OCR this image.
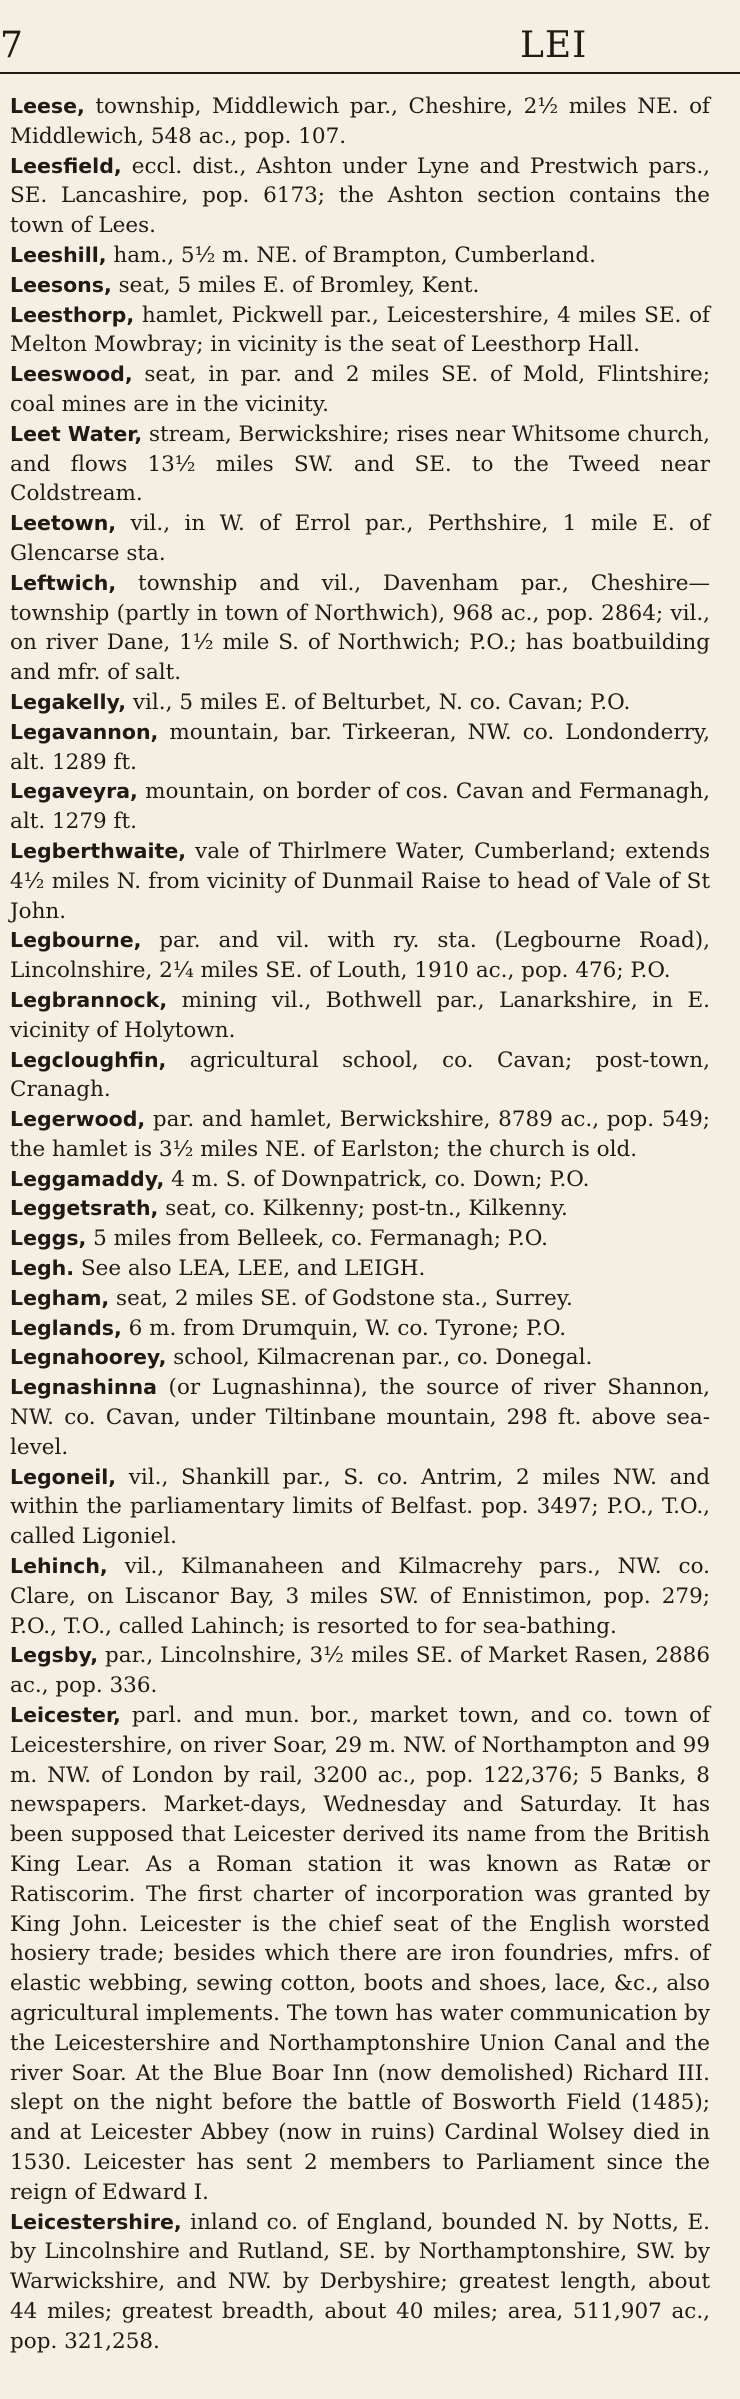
7	LEI

Leese, township, Middlewich par., Cheshire, 2½ miles NE. of Middlewich, 548 ac., pop. 107.

Leesfield, eccl. dist., Ashton under Lyne and Prestwich pars., SE. Lancashire, pop. 6173; the Ashton section contains the town of Lees.

Leeshill, ham., 5½ m. NE. of Brampton, Cumberland.

Leesons, seat, 5 miles E. of Bromley, Kent.

Leesthorp, hamlet, Pickwell par., Leicestershire, 4 miles SE. of Melton Mowbray; in vicinity is the seat of Leesthorp Hall.

Leeswood, seat, in par. and 2 miles SE. of Mold, Flintshire; coal mines are in the vicinity.

Leet Water, stream, Berwickshire; rises near Whitsome church, and flows 13½ miles SW. and SE. to the Tweed near Coldstream.

Leetown, vil., in W. of Errol par., Perthshire, 1 mile E. of Glencarse sta.

Leftwich, township and vil., Davenham par., Cheshire—township (partly in town of Northwich), 968 ac., pop. 2864; vil., on river Dane, 1½ mile S. of Northwich; P.O.; has boatbuilding and mfr. of salt.

Legakelly, vil., 5 miles E. of Belturbet, N. co. Cavan; P.O.

Legavannon, mountain, bar. Tirkeeran, NW. co. Londonderry, alt. 1289 ft.

Legaveyra, mountain, on border of cos. Cavan and Fermanagh, alt. 1279 ft.

Legberthwaite, vale of Thirlmere Water, Cumberland; extends 4½ miles N. from vicinity of Dunmail Raise to head of Vale of St John.

Legbourne, par. and vil. with ry. sta. (Legbourne Road), Lincolnshire, 2¼ miles SE. of Louth, 1910 ac., pop. 476; P.O.

Legbrannock, mining vil., Bothwell par., Lanarkshire, in E. vicinity of Holytown.

Legcloughfin, agricultural school, co. Cavan; post-town, Cranagh.

Legerwood, par. and hamlet, Berwickshire, 8789 ac., pop. 549; the hamlet is 3½ miles NE. of Earlston; the church is old.

Leggamaddy, 4 m. S. of Downpatrick, co. Down; P.O.

Leggetsrath, seat, co. Kilkenny; post-tn., Kilkenny.

Leggs, 5 miles from Belleek, co. Fermanagh; P.O.

Legh. See also LEA, LEE, and LEIGH.

Legham, seat, 2 miles SE. of Godstone sta., Surrey.

Leglands, 6 m. from Drumquin, W. co. Tyrone; P.O.

Legnahoorey, school, Kilmacrenan par., co. Donegal.

Legnashinna (or Lugnashinna), the source of river Shannon, NW. co. Cavan, under Tiltinbane mountain, 298 ft. above sea-level.

Legoneil, vil., Shankill par., S. co. Antrim, 2 miles NW. and within the parliamentary limits of Belfast. pop. 3497; P.O., T.O., called Ligoniel.

Lehinch, vil., Kilmanaheen and Kilmacrehy pars., NW. co. Clare, on Liscanor Bay, 3 miles SW. of Ennistimon, pop. 279; P.O., T.O., called Lahinch; is resorted to for sea-bathing.

Legsby, par., Lincolnshire, 3½ miles SE. of Market Rasen, 2886 ac., pop. 336.

Leicester, parl. and mun. bor., market town, and co. town of Leicestershire, on river Soar, 29 m. NW. of Northampton and 99 m. NW. of London by rail, 3200 ac., pop. 122,376; 5 Banks, 8 newspapers. Market-days, Wednesday and Saturday. It has been supposed that Leicester derived its name from the British King Lear. As a Roman station it was known as Ratæ or Ratiscorim. The first charter of incorporation was granted by King John. Leicester is the chief seat of the English worsted hosiery trade; besides which there are iron foundries, mfrs. of elastic webbing, sewing cotton, boots and shoes, lace, &c., also agricultural implements. The town has water communication by the Leicestershire and Northamptonshire Union Canal and the river Soar. At the Blue Boar Inn (now demolished) Richard III. slept on the night before the battle of Bosworth Field (1485); and at Leicester Abbey (now in ruins) Cardinal Wolsey died in 1530. Leicester has sent 2 members to Parliament since the reign of Edward I.

Leicestershire, inland co. of England, bounded N. by Notts, E. by Lincolnshire and Rutland, SE. by Northamptonshire, SW. by Warwickshire, and NW. by Derbyshire; greatest length, about 44 miles; greatest breadth, about 40 miles; area, 511,907 ac., pop. 321,258.
